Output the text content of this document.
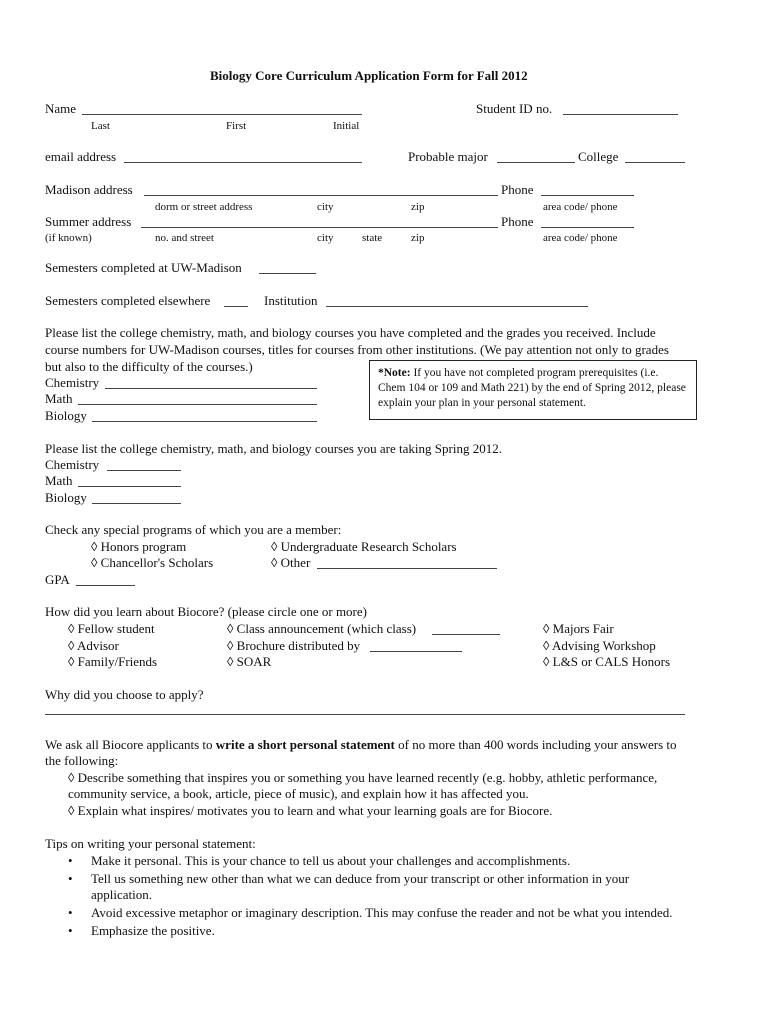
Biology Core Curriculum Application Form for Fall 2012
Name	Student ID no.
Last	First	Initial
email address	Probable major	College
Madison address	Phone
dorm or street address	city	zip	area code/ phone
Summer address	Phone
(if known)	no. and street	city	state	zip	area code/ phone
Semesters completed at UW-Madison
Semesters completed elsewhere	Institution
Please list the college chemistry, math, and biology courses you have completed and the grades you received. Include
course numbers for UW-Madison courses, titles for courses from other institutions. (We pay attention not only to grades
but also to the difficulty of the courses.)
Chemistry
Math
Biology
*Note: If you have not completed program prerequisites (i.e. Chem 104 or 109 and Math 221) by the end of Spring 2012, please explain your plan in your personal statement.
Please list the college chemistry, math, and biology courses you are taking Spring 2012.
Chemistry
Math
Biology
Check any special programs of which you are a member:
◊ Honors program	◊ Undergraduate Research Scholars
◊ Chancellor's Scholars	◊ Other
GPA
How did you learn about Biocore? (please circle one or more)
◊ Fellow student	◊ Class announcement (which class)	◊ Majors Fair
◊ Advisor	◊ Brochure distributed by	◊ Advising Workshop
◊ Family/Friends	◊ SOAR	◊ L&S or CALS Honors
Why did you choose to apply?
We ask all Biocore applicants to write a short personal statement of no more than 400 words including your answers to
the following:
◊ Describe something that inspires you or something you have learned recently (e.g. hobby, athletic performance,
community service, a book, article, piece of music), and explain how it has affected you.
◊ Explain what inspires/ motivates you to learn and what your learning goals are for Biocore.
Tips on writing your personal statement:
• Make it personal. This is your chance to tell us about your challenges and accomplishments.
• Tell us something new other than what we can deduce from your transcript or other information in your
application.
• Avoid excessive metaphor or imaginary description. This may confuse the reader and not be what you intended.
• Emphasize the positive.
